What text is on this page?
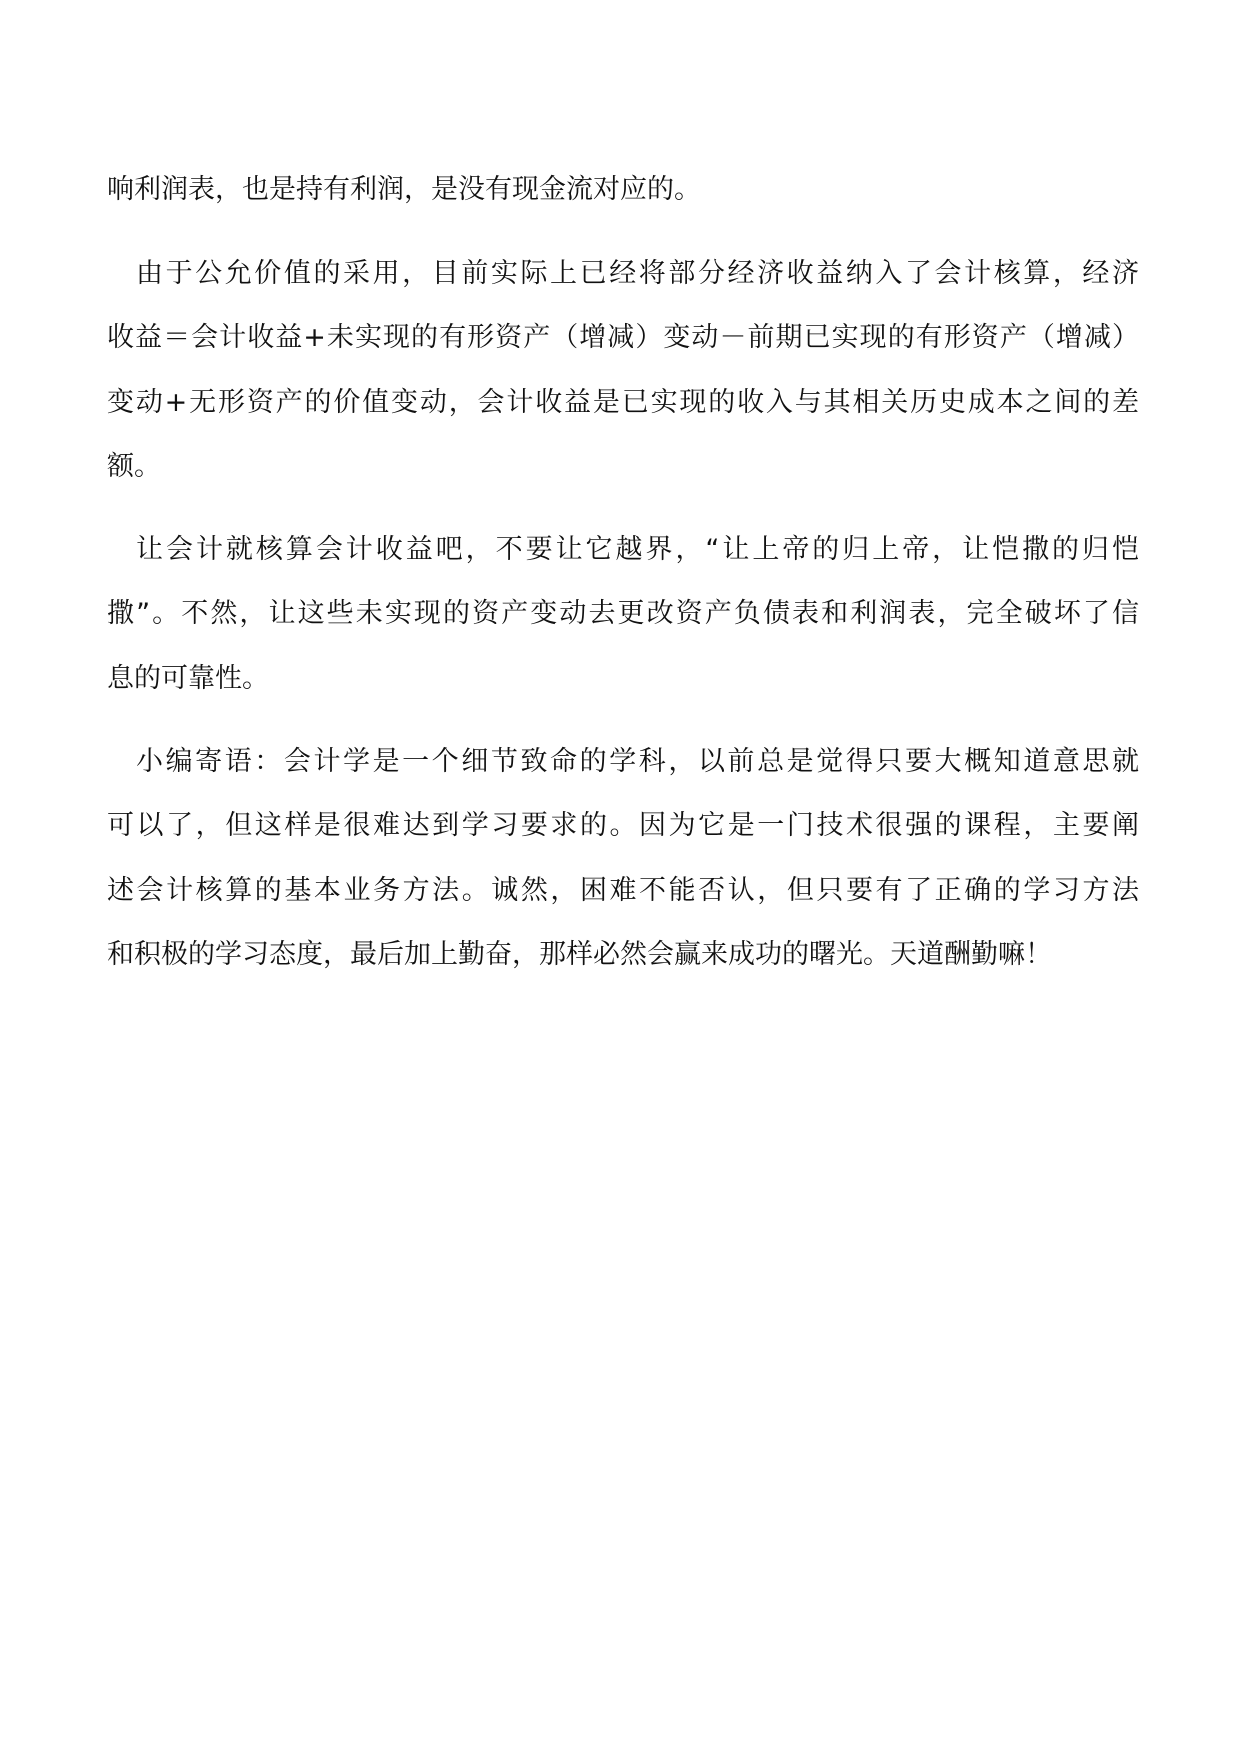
响利润表，也是持有利润，是没有现金流对应的。

由于公允价值的采用，目前实际上已经将部分经济收益纳入了会计核算，经济

收益＝会计收益+未实现的有形资产（增减）变动－前期已实现的有形资产（增减）

变动+无形资产的价值变动，会计收益是已实现的收入与其相关历史成本之间的差

额。

让会计就核算会计收益吧，不要让它越界，“让上帝的归上帝，让恺撒的归恺

撒”。不然，让这些未实现的资产变动去更改资产负债表和利润表，完全破坏了信

息的可靠性。

小编寄语：会计学是一个细节致命的学科，以前总是觉得只要大概知道意思就

可以了，但这样是很难达到学习要求的。因为它是一门技术很强的课程，主要阐

述会计核算的基本业务方法。诚然，困难不能否认，但只要有了正确的学习方法

和积极的学习态度，最后加上勤奋，那样必然会赢来成功的曙光。天道酬勤嘛！
